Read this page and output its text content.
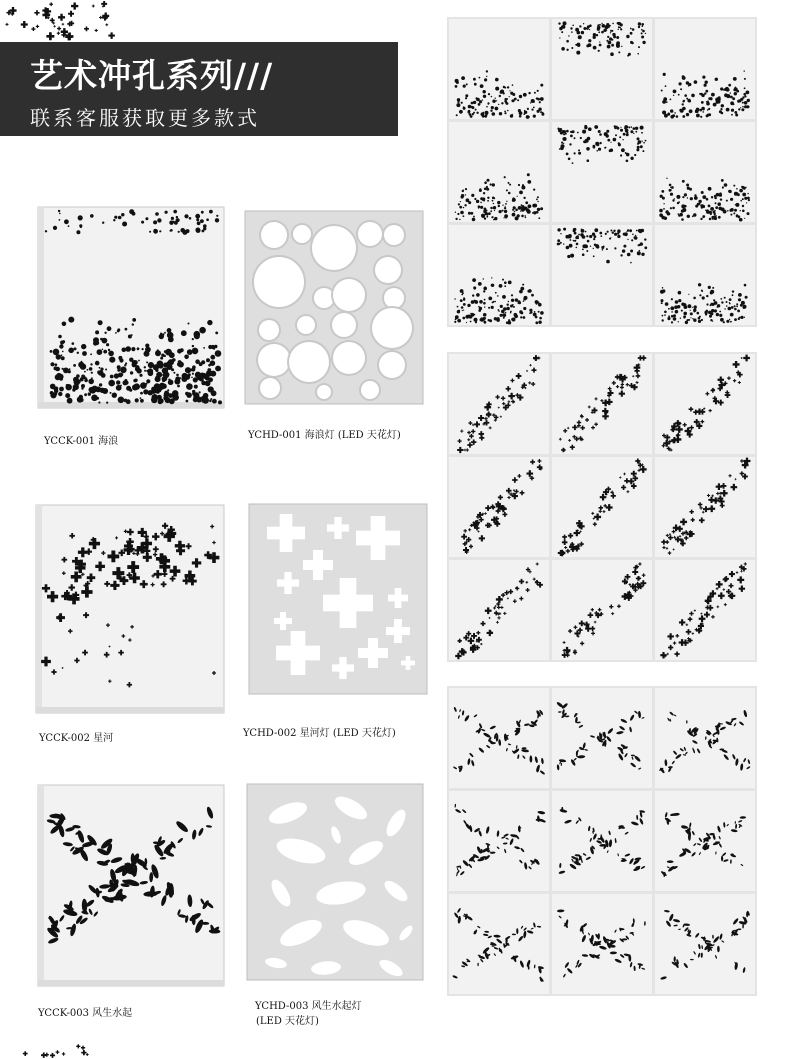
艺术冲孔系列///
联系客服获取更多款式
YCCK-001 海浪
YCHD-001 海浪灯 (LED 天花灯)
YCCK-002 星河	YCHD-002 星河灯 (LED 天花灯)
YCCK-003 风生水起
YCHD-003 风生水起灯
(LED 天花灯)
